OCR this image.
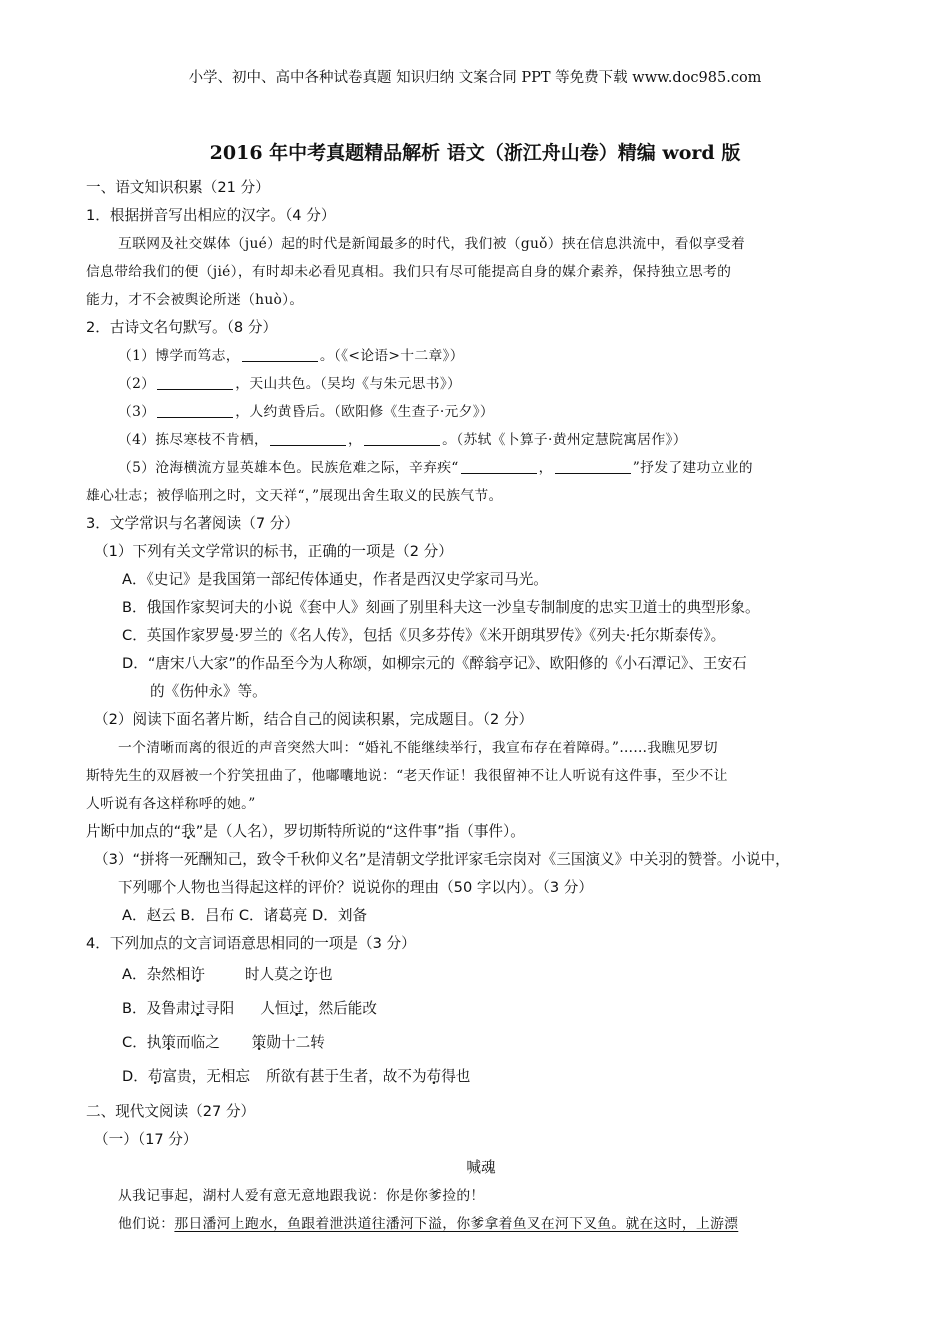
小学、初中、高中各种试卷真题 知识归纳 文案合同 PPT 等免费下载 www.doc985.com
2016 年中考真题精品解析 语文（浙江舟山卷）精编 word 版
一、语文知识积累（21 分）
1．根据拼音写出相应的汉字。（4 分）
互联网及社交媒体（jué）起的时代是新闻最多的时代，我们被（guǒ）挟在信息洪流中，看似享受着
信息带给我们的便（jié），有时却未必看见真相。我们只有尽可能提高自身的媒介素养，保持独立思考的
能力，才不会被舆论所迷（huò）。
2．古诗文名句默写。（8 分）
（1）博学而笃志，	。（《<论语>十二章》）
（2）	，天山共色。（吴均《与朱元思书》）
（3）	，人约黄昏后。（欧阳修《生查子·元夕》）
（4）拣尽寒枝不肯栖，	，	。（苏轼《卜算子·黄州定慧院寓居作》）
（5）沧海横流方显英雄本色。民族危难之际，辛弃疾“	，	”抒发了建功立业的
雄心壮志；被俘临刑之时，文天祥“，”展现出舍生取义的民族气节。
3．文学常识与名著阅读（7 分）
（1）下列有关文学常识的标书，正确的一项是（2 分）
A．《史记》是我国第一部纪传体通史，作者是西汉史学家司马光。
B．俄国作家契诃夫的小说《套中人》刻画了别里科夫这一沙皇专制制度的忠实卫道士的典型形象。
C．英国作家罗曼·罗兰的《名人传》，包括《贝多芬传》《米开朗琪罗传》《列夫·托尔斯泰传》。
D．“唐宋八大家”的作品至今为人称颂，如柳宗元的《醉翁亭记》、欧阳修的《小石潭记》、王安石
的《伤仲永》等。
（2）阅读下面名著片断，结合自己的阅读积累，完成题目。（2 分）
一个清晰而离的很近的声音突然大叫：“婚礼不能继续举行，我宣布存在着障碍。”……我瞧见罗切
斯特先生的双唇被一个狞笑扭曲了，他嘟囔地说：“老天作证！我很留神不让人听说有这件事，至少不让
人听说有各这样称呼的她。”
片断中加点的“我”是（人名），罗切斯特所说的“这件事”指（事件）。
（3）“拼将一死酬知己，致令千秋仰义名”是清朝文学批评家毛宗岗对《三国演义》中关羽的赞誉。小说中，
下列哪个人物也当得起这样的评价？说说你的理由（50 字以内）。（3 分）
A．赵云 B．吕布 C．诸葛亮 D．刘备
4．下列加点的文言词语意思相同的一项是（3 分）
A．杂然相许	时人莫之许也
B．及鲁肃过寻阳 人恒过，然后能改
C．执策而临之 策勋十二转
D．苟富贵，无相忘 所欲有甚于生者，故不为苟得也
二、现代文阅读（27 分）
（一）（17 分）
喊魂
从我记事起，湖村人爱有意无意地跟我说：你是你爹捡的！
他们说：那日潘河上跑水，鱼跟着泄洪道往潘河下溢，你爹拿着鱼叉在河下叉鱼。就在这时，上游漂
